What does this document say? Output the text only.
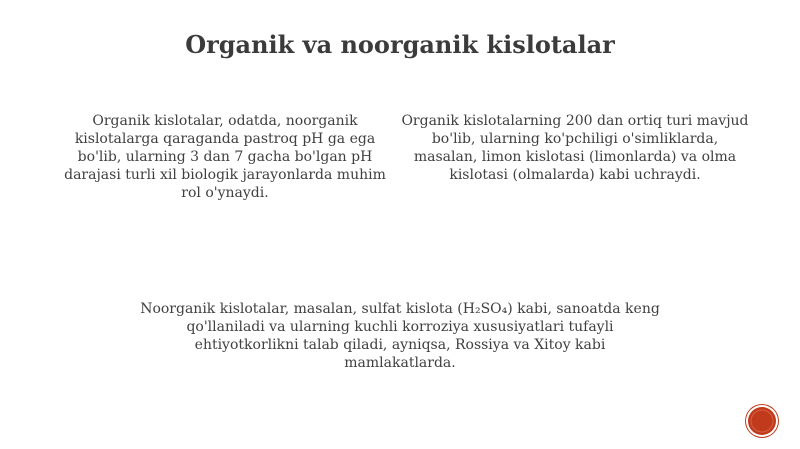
Organik va noorganik kislotalar
Organik kislotalar, odatda, noorganik kislotalarga qaraganda pastroq pH ga ega bo'lib, ularning 3 dan 7 gacha bo'lgan pH darajasi turli xil biologik jarayonlarda muhim rol o'ynaydi.
Organik kislotalarning 200 dan ortiq turi mavjud bo'lib, ularning ko'pchiligi o'simliklarda, masalan, limon kislotasi (limonlarda) va olma kislotasi (olmalarda) kabi uchraydi.
Noorganik kislotalar, masalan, sulfat kislota (H₂SO₄) kabi, sanoatda keng qo'llaniladi va ularning kuchli korroziya xususiyatlari tufayli ehtiyotkorlikni talab qiladi, ayniqsa, Rossiya va Xitoy kabi mamlakatlarda.
